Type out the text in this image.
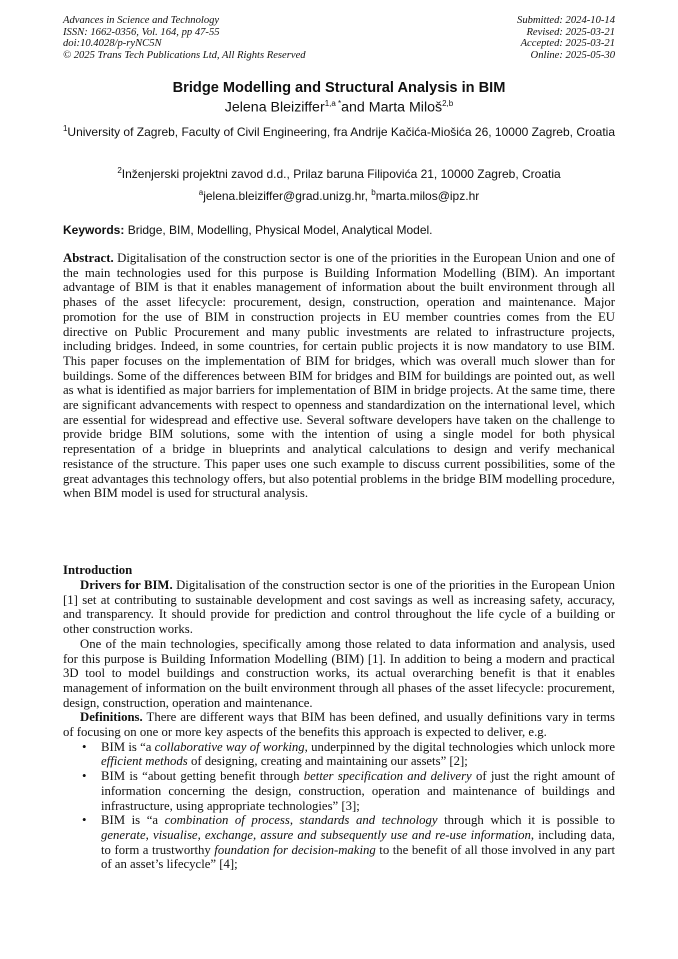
Advances in Science and Technology
ISSN: 1662-0356, Vol. 164, pp 47-55
doi:10.4028/p-ryNC5N
© 2025 Trans Tech Publications Ltd, All Rights Reserved
Submitted: 2024-10-14
Revised: 2025-03-21
Accepted: 2025-03-21
Online: 2025-05-30
Bridge Modelling and Structural Analysis in BIM
Jelena Bleiziffer$^{1,a *}$and Marta Miloš$^{2,b}$
$^1$University of Zagreb, Faculty of Civil Engineering, fra Andrije Kačića-Miošića 26, 10000 Zagreb, Croatia
$^2$Inženjerski projektni zavod d.d., Prilaz baruna Filipovića 21, 10000 Zagreb, Croatia
$^a$jelena.bleiziffer@grad.unizg.hr, $^b$marta.milos@ipz.hr
Keywords: Bridge, BIM, Modelling, Physical Model, Analytical Model.

Abstract. Digitalisation of the construction sector is one of the priorities in the European Union and one of the main technologies used for this purpose is Building Information Modelling (BIM). An important advantage of BIM is that it enables management of information about the built environment through all phases of the asset lifecycle: procurement, design, construction, operation and maintenance. Major promotion for the use of BIM in construction projects in EU member countries comes from the EU directive on Public Procurement and many public investments are related to infrastructure projects, including bridges. Indeed, in some countries, for certain public projects it is now mandatory to use BIM. This paper focuses on the implementation of BIM for bridges, which was overall much slower than for buildings. Some of the differences between BIM for bridges and BIM for buildings are pointed out, as well as what is identified as major barriers for implementation of BIM in bridge projects. At the same time, there are significant advancements with respect to openness and standardization on the international level, which are essential for widespread and effective use. Several software developers have taken on the challenge to provide bridge BIM solutions, some with the intention of using a single model for both physical representation of a bridge in blueprints and analytical calculations to design and verify mechanical resistance of the structure. This paper uses one such example to discuss current possibilities, some of the great advantages this technology offers, but also potential problems in the bridge BIM modelling procedure, when BIM model is used for structural analysis.

Introduction

Drivers for BIM. Digitalisation of the construction sector is one of the priorities in the European Union [1] set at contributing to sustainable development and cost savings as well as increasing safety, accuracy, and transparency. It should provide for prediction and control throughout the life cycle of a building or other construction works.

One of the main technologies, specifically among those related to data information and analysis, used for this purpose is Building Information Modelling (BIM) [1]. In addition to being a modern and practical 3D tool to model buildings and construction works, its actual overarching benefit is that it enables management of information on the built environment through all phases of the asset lifecycle: procurement, design, construction, operation and maintenance.

Definitions. There are different ways that BIM has been defined, and usually definitions vary in terms of focusing on one or more key aspects of the benefits this approach is expected to deliver, e.g.

• BIM is “a collaborative way of working, underpinned by the digital technologies which unlock more efficient methods of designing, creating and maintaining our assets” [2];
• BIM is “about getting benefit through better specification and delivery of just the right amount of information concerning the design, construction, operation and maintenance of buildings and infrastructure, using appropriate technologies” [3];
• BIM is “a combination of process, standards and technology through which it is possible to generate, visualise, exchange, assure and subsequently use and re-use information, including data, to form a trustworthy foundation for decision-making to the benefit of all those involved in any part of an asset’s lifecycle” [4];
